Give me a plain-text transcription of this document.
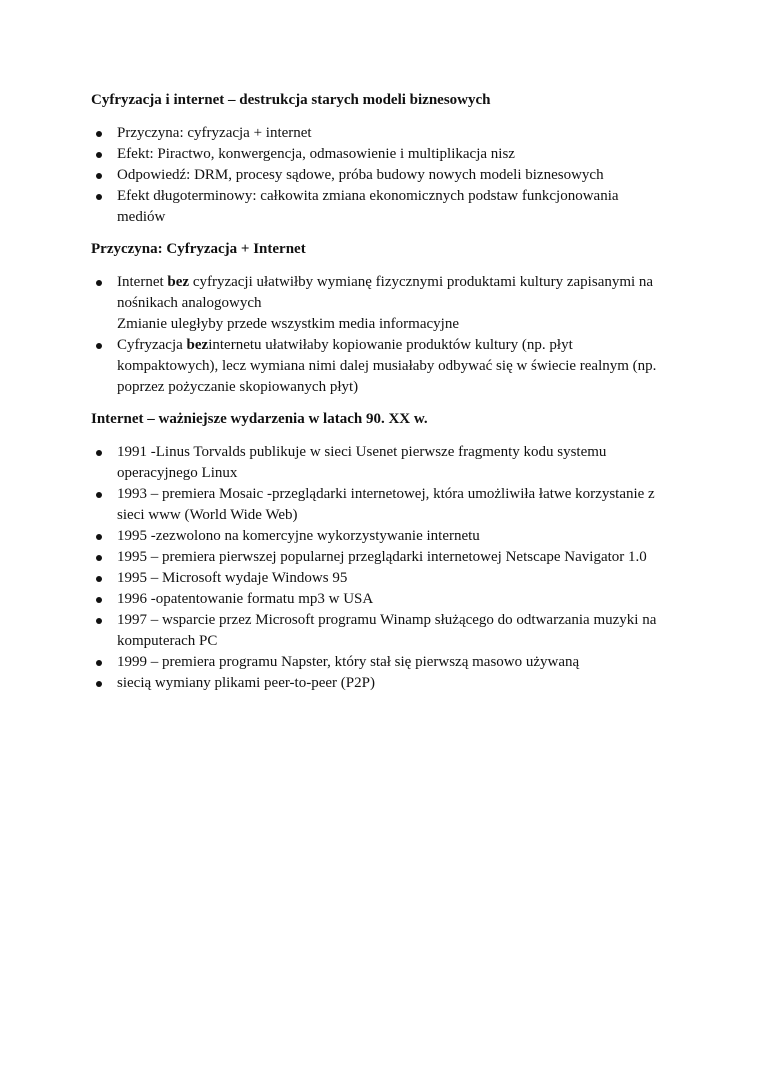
Cyfryzacja i internet – destrukcja starych modeli biznesowych
Przyczyna: cyfryzacja + internet
Efekt: Piractwo, konwergencja, odmasowienie i multiplikacja nisz
Odpowiedź: DRM, procesy sądowe, próba budowy nowych modeli biznesowych
Efekt długoterminowy: całkowita zmiana ekonomicznych podstaw funkcjonowania
mediów
Przyczyna: Cyfryzacja + Internet
Internet bez cyfryzacji ułatwiłby wymianę fizycznymi produktami kultury zapisanymi na
nośnikach analogowych
Zmianie uległyby przede wszystkim media informacyjne
Cyfryzacja bezinternetu ułatwiłaby kopiowanie produktów kultury (np. płyt
kompaktowych), lecz wymiana nimi dalej musiałaby odbywać się w świecie realnym (np.
poprzez pożyczanie skopiowanych płyt)
Internet – ważniejsze wydarzenia w latach 90. XX w.
1991 -Linus Torvalds publikuje w sieci Usenet pierwsze fragmenty kodu systemu
operacyjnego Linux
1993 – premiera Mosaic -przeglądarki internetowej, która umożliwiła łatwe korzystanie z
sieci www (World Wide Web)
1995 -zezwolono na komercyjne wykorzystywanie internetu
1995 – premiera pierwszej popularnej przeglądarki internetowej Netscape Navigator 1.0
1995 – Microsoft wydaje Windows 95
1996 -opatentowanie formatu mp3 w USA
1997 – wsparcie przez Microsoft programu Winamp służącego do odtwarzania muzyki na
komputerach PC
1999 – premiera programu Napster, który stał się pierwszą masowo używaną
siecią wymiany plikami peer-to-peer (P2P)
